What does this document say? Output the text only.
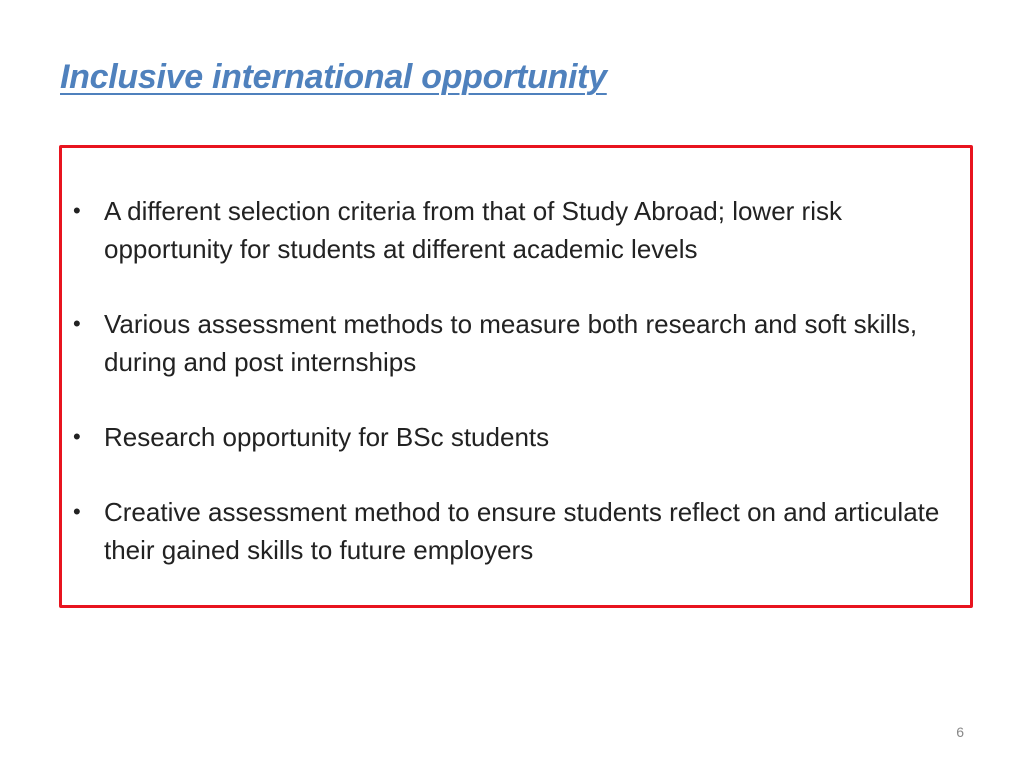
Inclusive international opportunity
• A different selection criteria from that of Study Abroad; lower risk opportunity for students at different academic levels
• Various assessment methods to measure both research and soft skills, during and post internships
• Research opportunity for BSc students
• Creative assessment method to ensure students reflect on and articulate their gained skills to future employers
6
